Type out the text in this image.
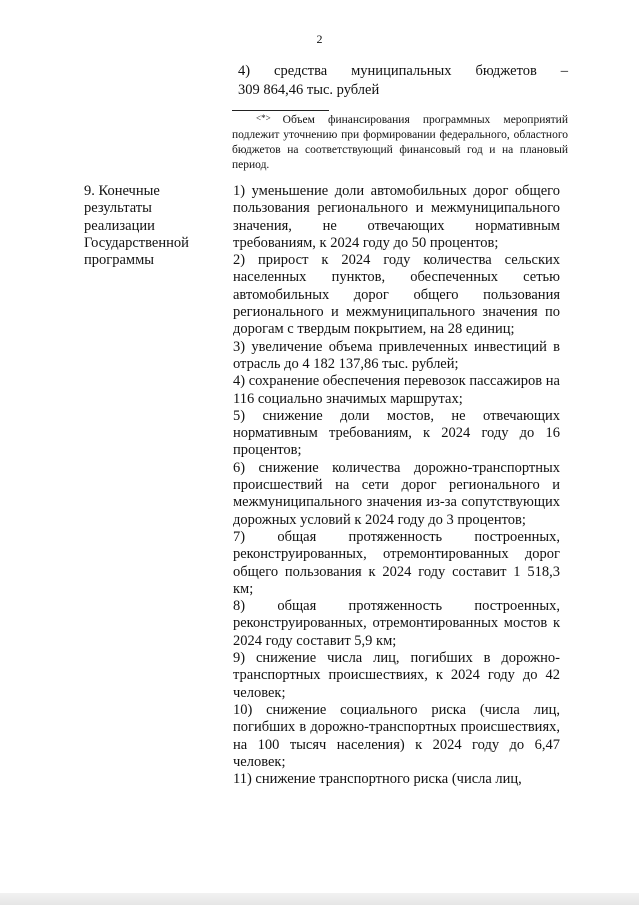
2
4) средства муниципальных бюджетов –
309 864,46 тыс. рублей
<*> Объем финансирования программных мероприятий подлежит уточнению при формировании федерального, областного бюджетов на соответствующий финансовый год и на плановый период.
9. Конечные результаты реализации Государственной программы
1) уменьшение доли автомобильных дорог общего пользования регионального и межмуниципального значения, не отвечающих нормативным требованиям, к 2024 году до 50 процентов;
2) прирост к 2024 году количества сельских населенных пунктов, обеспеченных сетью автомобильных дорог общего пользования регионального и межмуниципального значения по дорогам с твердым покрытием, на 28 единиц;
3) увеличение объема привлеченных инвестиций в отрасль до 4 182 137,86 тыс. рублей;
4) сохранение обеспечения перевозок пассажиров на 116 социально значимых маршрутах;
5) снижение доли мостов, не отвечающих нормативным требованиям, к 2024 году до 16 процентов;
6) снижение количества дорожно-транспортных происшествий на сети дорог регионального и межмуниципального значения из-за сопутствующих дорожных условий к 2024 году до 3 процентов;
7) общая протяженность построенных, реконструированных, отремонтированных дорог общего пользования к 2024 году составит 1 518,3 км;
8) общая протяженность построенных, реконструированных, отремонтированных мостов к 2024 году составит 5,9 км;
9) снижение числа лиц, погибших в дорожно-транспортных происшествиях, к 2024 году до 42 человек;
10) снижение социального риска (числа лиц, погибших в дорожно-транспортных происшествиях, на 100 тысяч населения) к 2024 году до 6,47 человек;
11) снижение транспортного риска (числа лиц,
